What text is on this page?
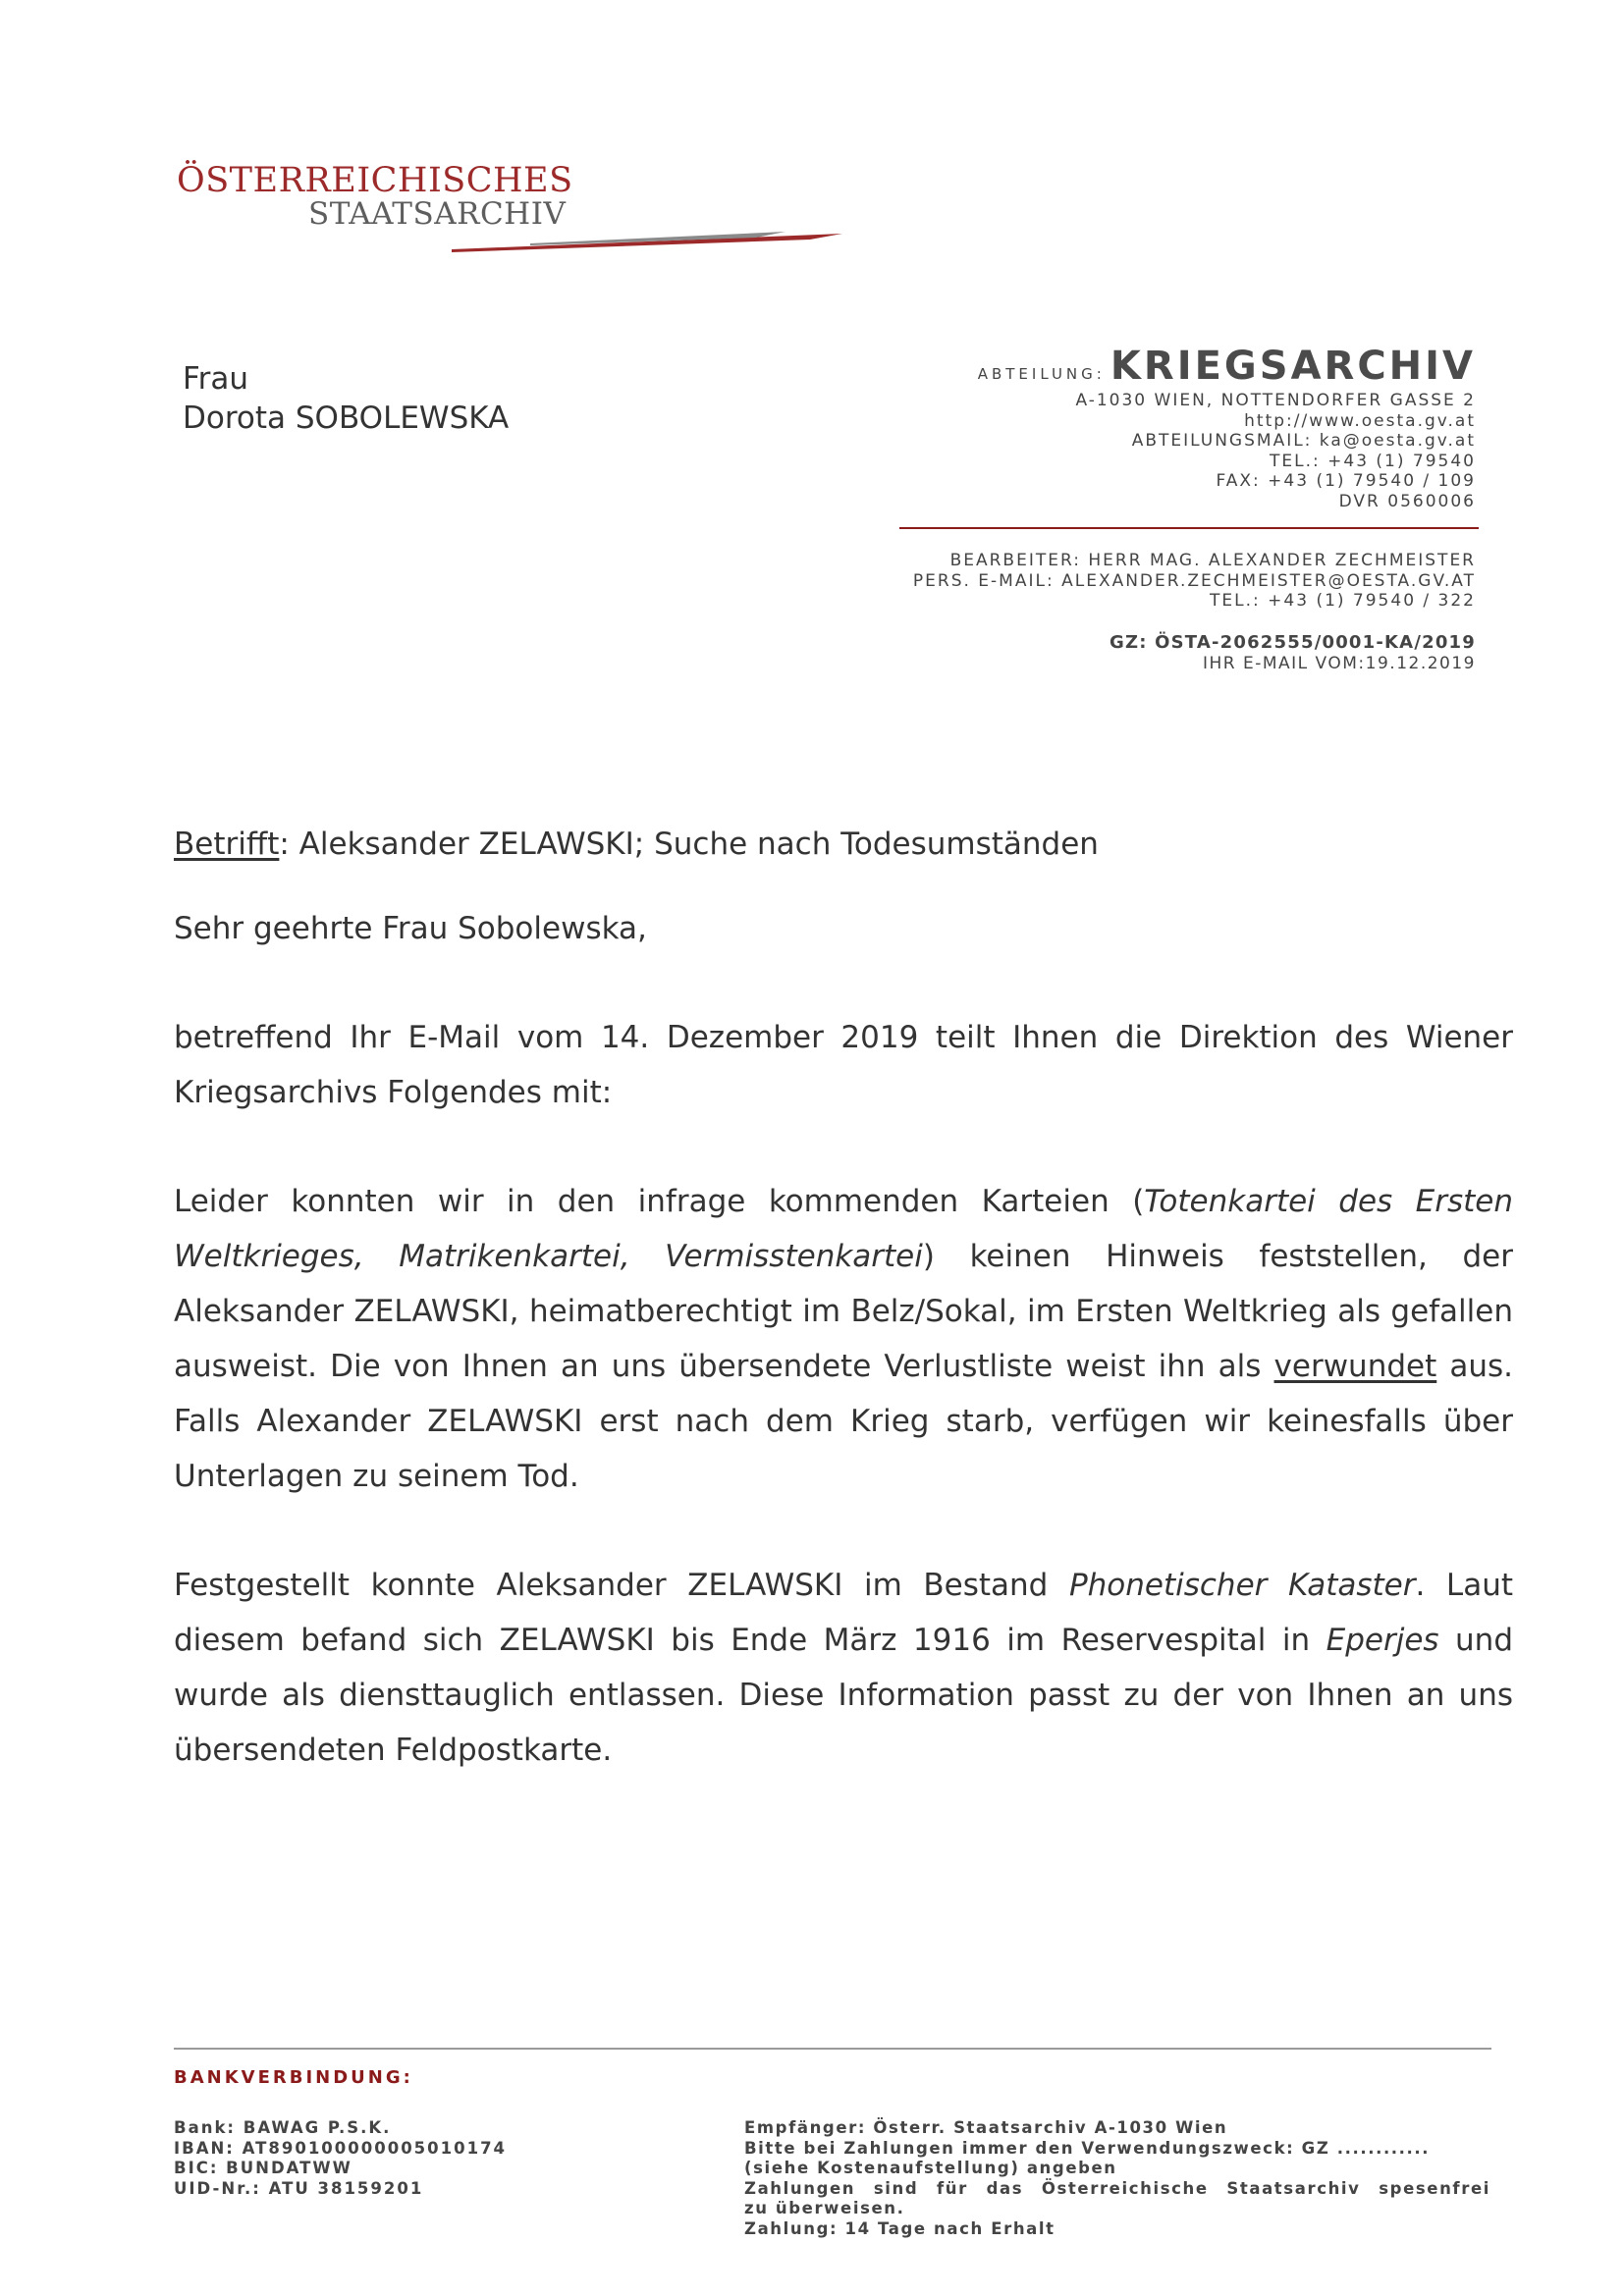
ÖSTERREICHISCHES
STAATSARCHIV
Frau
Dorota SOBOLEWSKA
ABTEILUNG: KRIEGSARCHIV
A-1030 WIEN, NOTTENDORFER GASSE 2
http://www.oesta.gv.at
ABTEILUNGSMAIL: ka@oesta.gv.at
TEL.: +43 (1) 79540
FAX: +43 (1) 79540 / 109
DVR 0560006
BEARBEITER: HERR MAG. ALEXANDER ZECHMEISTER
PERS. E-MAIL: ALEXANDER.ZECHMEISTER@OESTA.GV.AT
TEL.: +43 (1) 79540 / 322
GZ: ÖSTA-2062555/0001-KA/2019
IHR E-MAIL VOM:19.12.2019

Betrifft: Aleksander ZELAWSKI; Suche nach Todesumständen

Sehr geehrte Frau Sobolewska,

betreffend Ihr E-Mail vom 14. Dezember 2019 teilt Ihnen die Direktion des Wiener Kriegsarchivs Folgendes mit:

Leider konnten wir in den infrage kommenden Karteien (Totenkartei des Ersten Weltkrieges, Matrikenkartei, Vermisstenkartei) keinen Hinweis feststellen, der Aleksander ZELAWSKI, heimatberechtigt im Belz/Sokal, im Ersten Weltkrieg als gefallen ausweist. Die von Ihnen an uns übersendete Verlustliste weist ihn als verwundet aus. Falls Alexander ZELAWSKI erst nach dem Krieg starb, verfügen wir keinesfalls über Unterlagen zu seinem Tod.

Festgestellt konnte Aleksander ZELAWSKI im Bestand Phonetischer Kataster. Laut diesem befand sich ZELAWSKI bis Ende März 1916 im Reservespital in Eperjes und wurde als diensttauglich entlassen. Diese Information passt zu der von Ihnen an uns übersendeten Feldpostkarte.

BANKVERBINDUNG:
Bank: BAWAG P.S.K.
IBAN: AT890100000005010174
BIC: BUNDATWW
UID-Nr.: ATU 38159201
Empfänger: Österr. Staatsarchiv A-1030 Wien
Bitte bei Zahlungen immer den Verwendungszweck: GZ ............
(siehe Kostenaufstellung) angeben
Zahlungen sind für das Österreichische Staatsarchiv spesenfrei
zu überweisen.
Zahlung: 14 Tage nach Erhalt
